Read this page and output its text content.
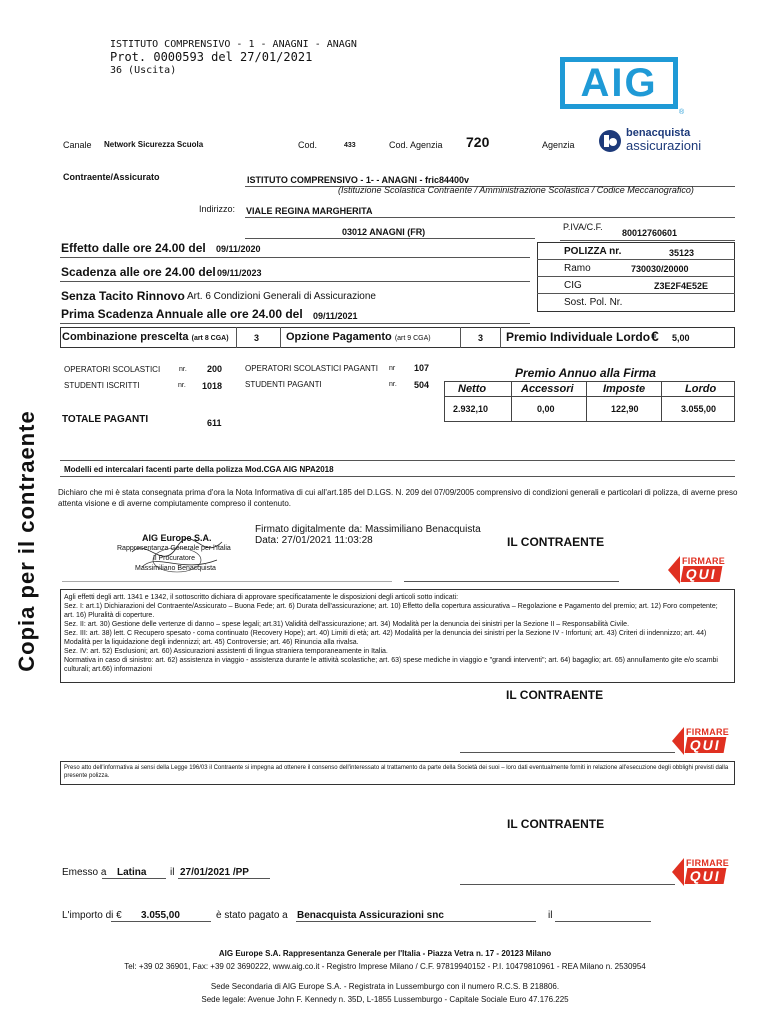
ISTITUTO COMPRENSIVO - 1 - ANAGNI - ANAGN
Prot. 0000593 del 27/01/2021
36 (Uscita)	AIG
®
Canale Network Sicurezza Scuola	Cod.	433	Cod. Agenzia 720	Agenzia
benacquista
assicurazioni
Contraente/Assicurato	ISTITUTO COMPRENSIVO - 1- - ANAGNI - fric84400v
(Istituzione Scolastica Contraente / Amministrazione Scolastica / Codice Meccanografico)
Indirizzo: VIALE REGINA MARGHERITA
03012 ANAGNI (FR)	P.IVA/C.F.
80012760601
Effetto dalle ore 24.00 del 09/11/2020
Scadenza alle ore 24.00 del 09/11/2023
Senza Tacito Rinnovo Art. 6 Condizioni Generali di Assicurazione
Prima Scadenza Annuale alle ore 24.00 del 09/11/2021
POLIZZA nr.	35123
Ramo	730030/20000
CIG	Z3E2F4E52E
Sost. Pol. Nr.
Combinazione prescelta (art 8 CGA)	3 Opzione Pagamento (art 9 CGA)	3 Premio Individuale Lordo € 5,00
OPERATORI SCOLASTICI	nr. 200	OPERATORI SCOLASTICI PAGANTI nr 107
STUDENTI ISCRITTI	nr. 1018	STUDENTI PAGANTI	nr. 504
TOTALE PAGANTI	611
Premio Annuo alla Firma
Netto	Accessori	Imposte	Lordo
2.932,10	0,00	122,90	3.055,00
Modelli ed intercalari facenti parte della polizza Mod.CGA AIG NPA2018
Dichiaro che mi è stata consegnata prima d'ora la Nota Informativa di cui all'art.185 del D.LGS. N. 209 del 07/09/2005 comprensivo di condizioni generali e particolari di polizza, di averne preso attenta visione e di averne compiutamente compreso il contenuto.
AIG Europe S.A.
Rappresentanza Generale per l'Italia
Il Procuratore
Massimiliano Benacquista
Firmato digitalmente da: Massimiliano Benacquista
Data: 27/01/2021 11:03:28	IL CONTRAENTE
FIRMARE
QUI
Agli effetti degli artt. 1341 e 1342, il sottoscritto dichiara di approvare specificatamente le disposizioni degli articoli sotto indicati:
Sez. I: art.1) Dichiarazioni del Contraente/Assicurato – Buona Fede; art. 6) Durata dell'assicurazione; art. 10) Effetto della copertura assicurativa – Regolazione e Pagamento del premio; art. 12) Foro competente; art. 16) Pluralità di coperture.
Sez. II: art. 30) Gestione delle vertenze di danno – spese legali; art.31) Validità dell'assicurazione; art. 34) Modalità per la denuncia dei sinistri per la Sezione II – Responsabilità Civile.
Sez. III: art. 38) lett. C Recupero spesato - coma continuato (Recovery Hope); art. 40) Limiti di età; art. 42) Modalità per la denuncia dei sinistri per la Sezione IV - Infortuni; art. 43) Criteri di indennizzo; art. 44) Modalità per la liquidazione degli indennizzi; art. 45) Controversie; art. 46) Rinuncia alla rivalsa.
Sez. IV: art. 52) Esclusioni; art. 60) Assicurazioni assistenti di lingua straniera temporaneamente in Italia.
Normativa in caso di sinistro: art. 62) assistenza in viaggio - assistenza durante le attività scolastiche; art. 63) spese mediche in viaggio e "grandi interventi"; art. 64) bagaglio; art. 65) annullamento gite e/o scambi culturali; art.66) informazioni
IL CONTRAENTE
FIRMARE
QUI
Preso atto dell'informativa ai sensi della Legge 196/03 il Contraente si impegna ad ottenere il consenso dell'interessato al trattamento da parte della Società dei suoi – loro dati eventualmente forniti in relazione all'esecuzione degli obblighi previsti dalla presente polizza.
IL CONTRAENTE
FIRMARE
QUI
Emesso a Latina il 27/01/2021 /PP
L'importo di € 3.055,00	è stato pagato a Benacquista Assicurazioni snc	il
AIG Europe S.A. Rappresentanza Generale per l'Italia - Piazza Vetra n. 17 - 20123 Milano
Tel: +39 02 36901, Fax: +39 02 3690222, www.aig.co.it - Registro Imprese Milano / C.F. 97819940152 - P.I. 10479810961 - REA Milano n. 2530954
Sede Secondaria di AIG Europe S.A. - Registrata in Lussemburgo con il numero R.C.S. B 218806.
Sede legale: Avenue John F. Kennedy n. 35D, L-1855 Lussemburgo - Capitale Sociale Euro 47.176.225
Copia per il contraente
